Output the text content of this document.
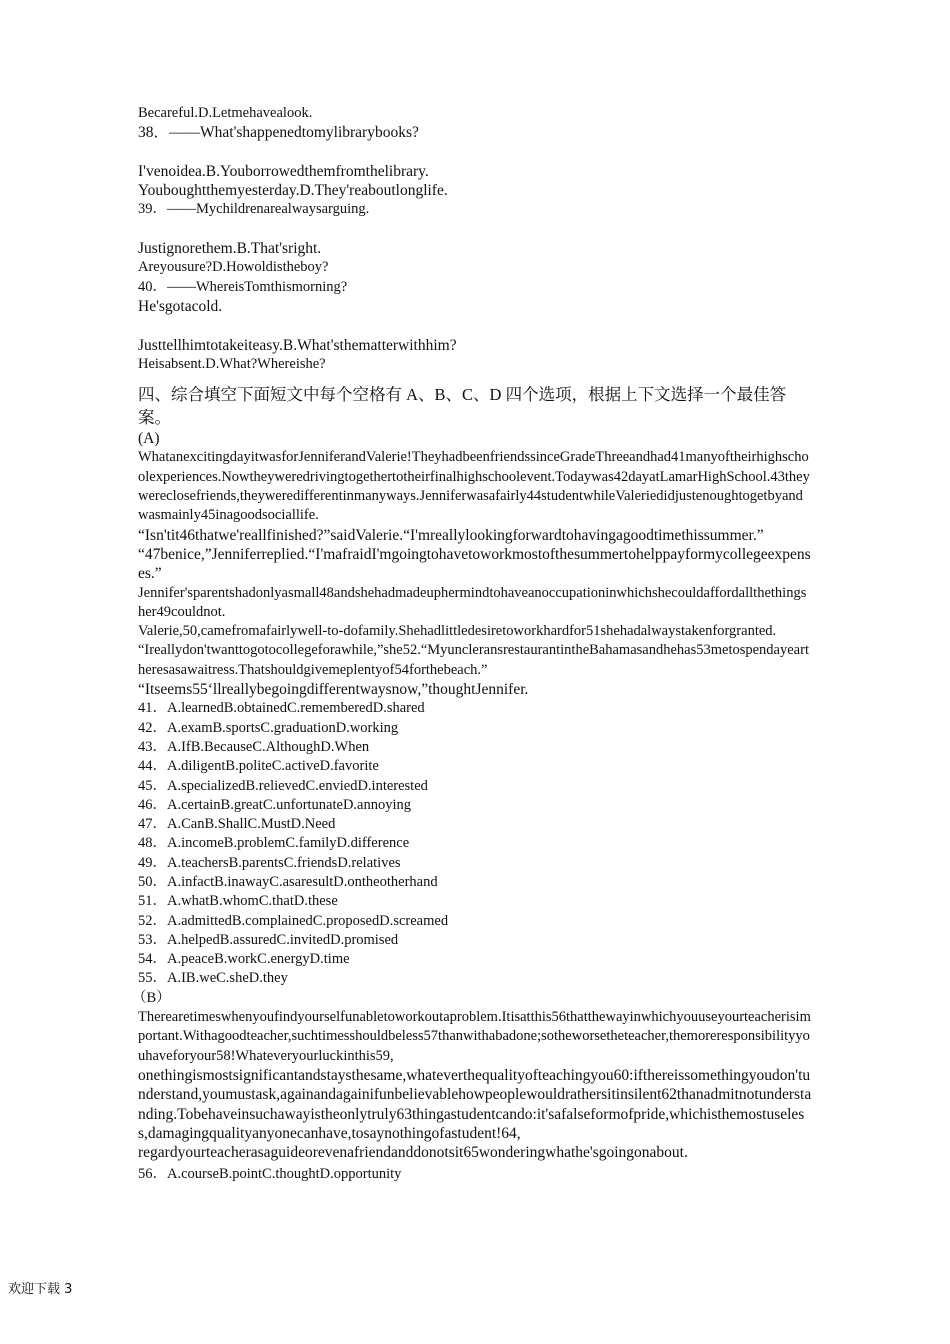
Becareful.D.Letmehavealook.

38．——What'shappenedtomylibrarybooks?

I'venoidea.B.Youborrowedthemfromthelibrary.

Youboughtthemyesterday.D.They'reaboutlonglife.

39．——Mychildrenarealwaysarguing.

Justignorethem.B.That'sright.

Areyousure?D.Howoldistheboy?

40．——WhereisTomthismorning?

He'sgotacold.

Justtellhimtotakeiteasy.B.What'sthematterwithhim?

Heisabsent.D.What?Whereishe?

四、综合填空下面短文中每个空格有 A、B、C、D 四个选项，根据上下文选择一个最佳答案。

(A)

WhatanexcitingdayitwasforJenniferandValerie!TheyhadbeenfriendssinceGradeThreeandhad41manyoftheirhighschoolexperiences.Nowtheyweredrivingtogethertotheirfinalhighschoolevent.Todaywas42dayatLamarHighSchool.43theywereclosefriends,theyweredifferentinmanyways.Jenniferwasafairly44studentwhileValeriedidjustenoughtogetbyandwasmainly45inagoodsociallife.

“Isn'tit46thatwe'reallfinished?”saidValerie.“I'mreallylookingforwardtohavingagoodtimethissummer.”

“47benice,”Jenniferreplied.“I'mafraidI'mgoingtohavetoworkmostofthesummertohelppayformycollegeexpenses.”

Jennifer'sparentshadonlyasmall48andshehadmadeuphermindtohaveanoccupationinwhichshecouldaffordallthethingsher49couldnot.

Valerie,50,camefromafairlywell-to-dofamily.Shehadlittledesiretoworkhardfor51shehadalwaystakenforgranted.

“Ireallydon'twanttogotocollegeforawhile,”she52.“MyuncleransrestaurantintheBahamasandhehas53metospendayeartheresasawaitress.Thatshouldgivemeplentyof54forthebeach.”

“Itseems55‘llreallybegoingdifferentwaysnow,”thoughtJennifer.

41．A.learnedB.obtainedC.rememberedD.shared

42．A.examB.sportsC.graduationD.working

43．A.IfB.BecauseC.AlthoughD.When

44．A.diligentB.politeC.activeD.favorite

45．A.specializedB.relievedC.enviedD.interested

46．A.certainB.greatC.unfortunateD.annoying

47．A.CanB.ShallC.MustD.Need

48．A.incomeB.problemC.familyD.difference

49．A.teachersB.parentsC.friendsD.relatives

50．A.infactB.inawayC.asaresultD.ontheotherhand

51．A.whatB.whomC.thatD.these

52．A.admittedB.complainedC.proposedD.screamed

53．A.helpedB.assuredC.invitedD.promised

54．A.peaceB.workC.energyD.time

55．A.IB.weC.sheD.they

（B）

Therearetimeswhenyoufindyourselfunabletoworkoutaproblem.Itisatthis56thatthewayinwhichyouuseyourteacherisimportant.Withagoodteacher,suchtimesshouldbeless57thanwithabadone;sotheworsetheteacher,themoreresponsibilityyouhaveforyour58!Whateveryourluckinthis59,

onethingismostsignificantandstaysthesame,whateverthequalityofteachingyou60:ifthereissomethingyoudon'tunderstand,youmustask,againandagainifunbelievablehowpeoplewouldrathersitinsilent62thanadmitnotunderstanding.Tobehaveinsuchawayistheonlytruly63thingastudentcando:it'safalseformofpride,whichisthemostuseless,damagingqualityanyonecanhave,tosaynothingofastudent!64,

regardyourteacherasaguideorevenafriendanddonotsit65wonderingwhathe'sgoingonabout.

56．A.courseB.pointC.thoughtD.opportunity

欢迎下载 3
